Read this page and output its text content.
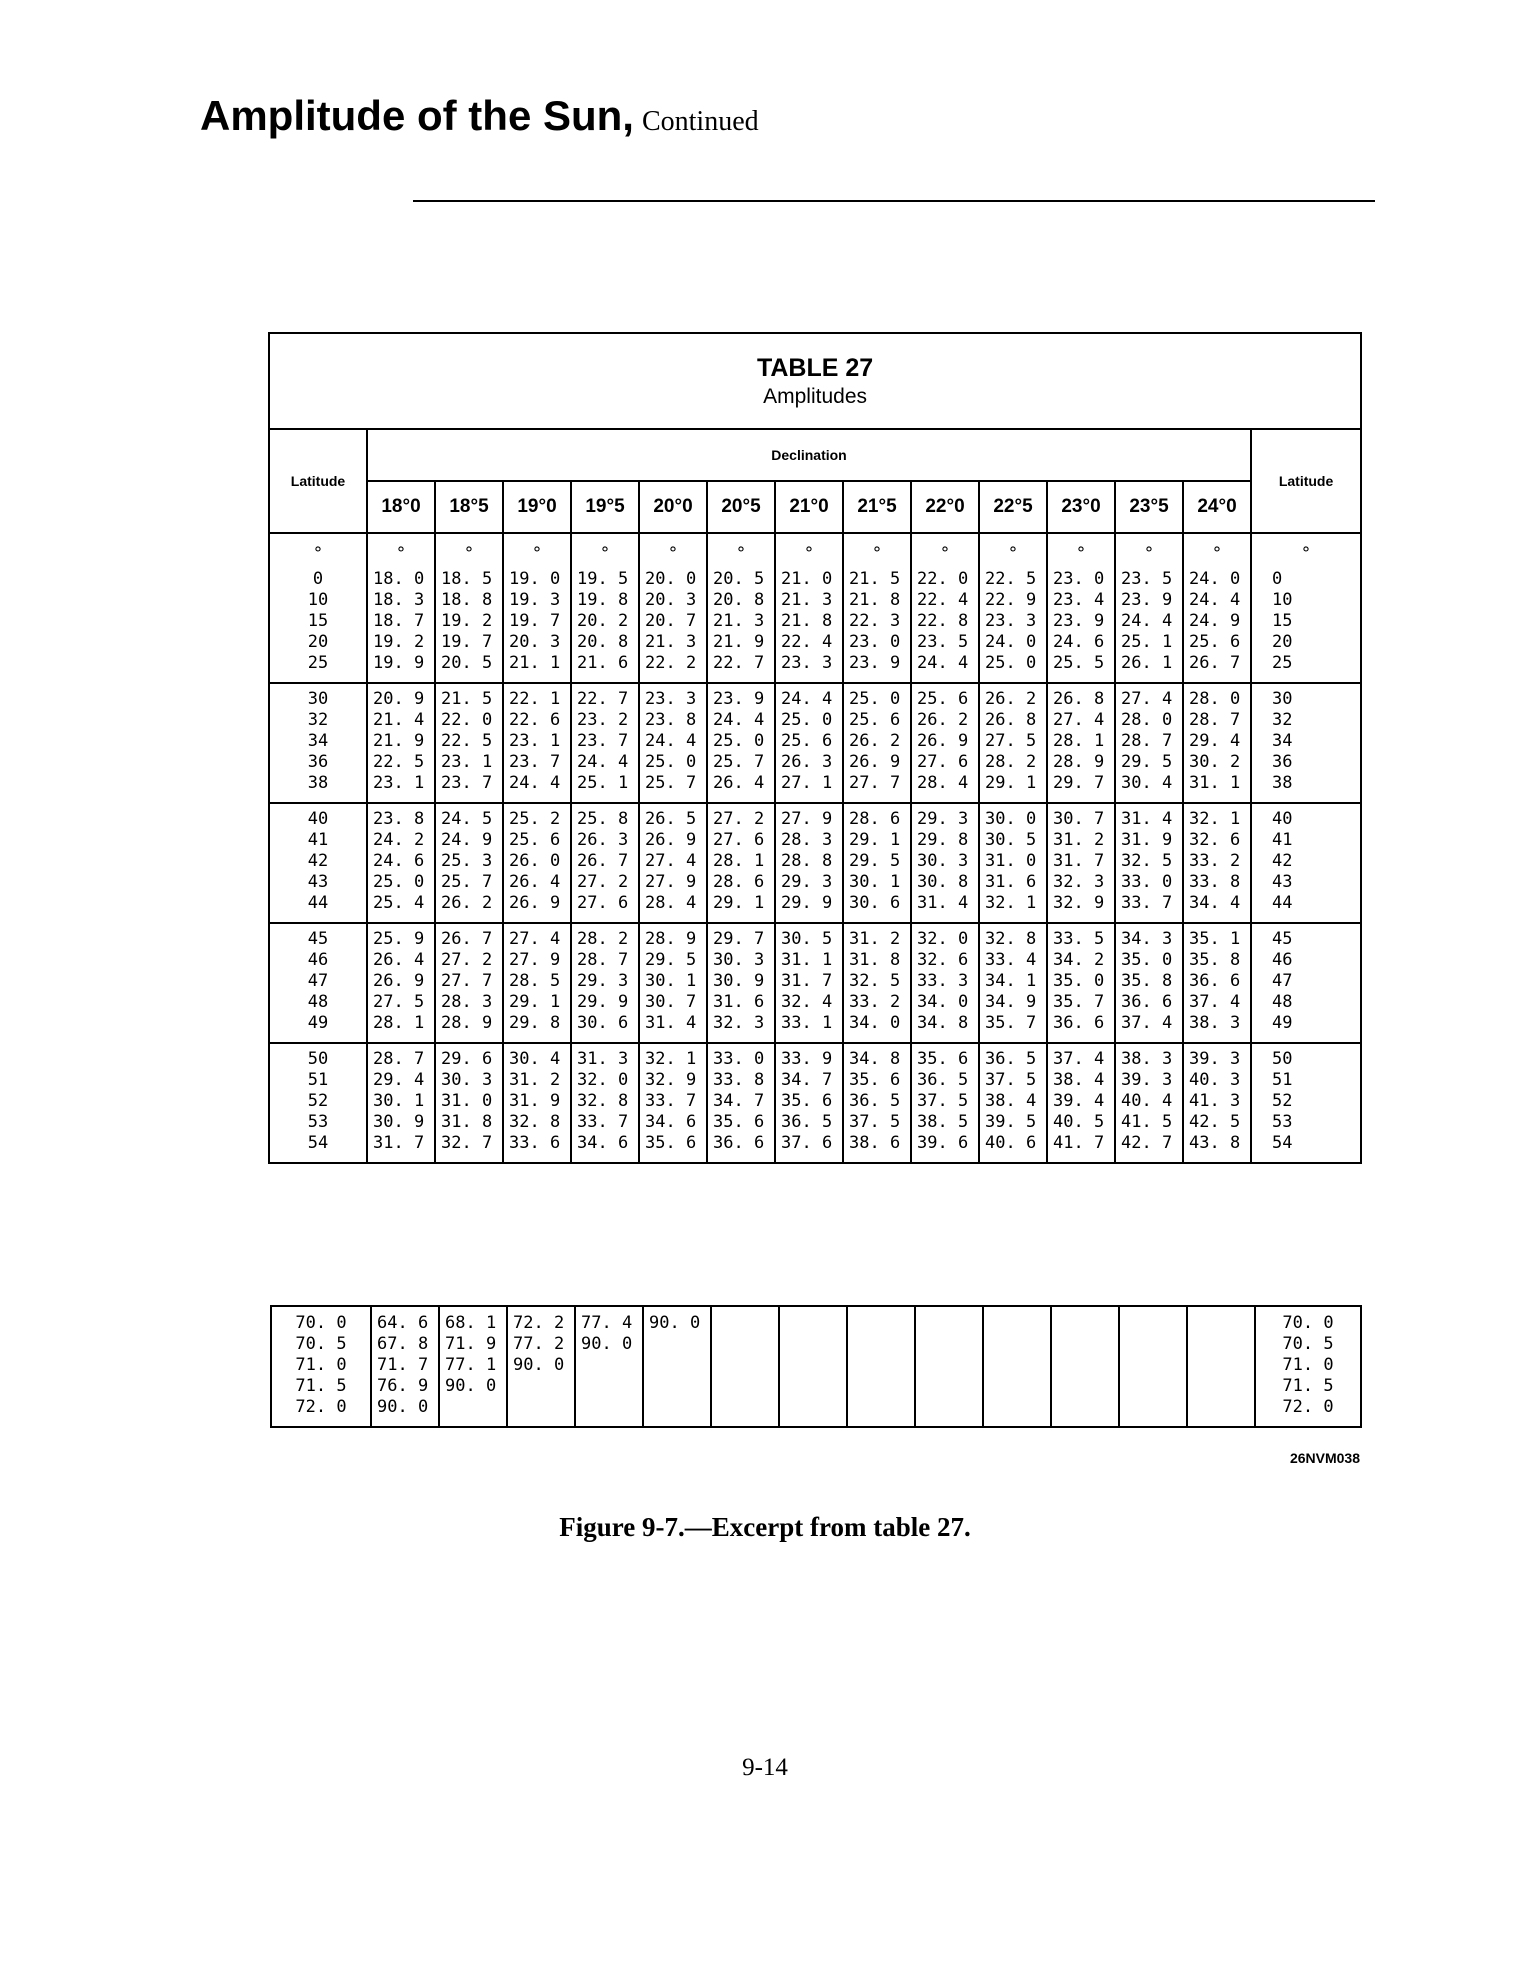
Amplitude of the Sun, Continued
TABLE 27
Amplitudes														

Latitude	Declination													Latitude
	18°0	18°5	19°0	19°5	20°0	20°5	21°0	21°5	22°0	22°5	23°0	23°5	24°0	
°	°	°	°	°	°	°	°	°	°	°	°	°	°	°
0	18. 0	18. 5	19. 0	19. 5	20. 0	20. 5	21. 0	21. 5	22. 0	22. 5	23. 0	23. 5	24. 0	0
10	18. 3	18. 8	19. 3	19. 8	20. 3	20. 8	21. 3	21. 8	22. 4	22. 9	23. 4	23. 9	24. 4	10
15	18. 7	19. 2	19. 7	20. 2	20. 7	21. 3	21. 8	22. 3	22. 8	23. 3	23. 9	24. 4	24. 9	15
20	19. 2	19. 7	20. 3	20. 8	21. 3	21. 9	22. 4	23. 0	23. 5	24. 0	24. 6	25. 1	25. 6	20
25	19. 9	20. 5	21. 1	21. 6	22. 2	22. 7	23. 3	23. 9	24. 4	25. 0	25. 5	26. 1	26. 7	25
30	20. 9	21. 5	22. 1	22. 7	23. 3	23. 9	24. 4	25. 0	25. 6	26. 2	26. 8	27. 4	28. 0	30
32	21. 4	22. 0	22. 6	23. 2	23. 8	24. 4	25. 0	25. 6	26. 2	26. 8	27. 4	28. 0	28. 7	32
34	21. 9	22. 5	23. 1	23. 7	24. 4	25. 0	25. 6	26. 2	26. 9	27. 5	28. 1	28. 7	29. 4	34
36	22. 5	23. 1	23. 7	24. 4	25. 0	25. 7	26. 3	26. 9	27. 6	28. 2	28. 9	29. 5	30. 2	36
38	23. 1	23. 7	24. 4	25. 1	25. 7	26. 4	27. 1	27. 7	28. 4	29. 1	29. 7	30. 4	31. 1	38
40	23. 8	24. 5	25. 2	25. 8	26. 5	27. 2	27. 9	28. 6	29. 3	30. 0	30. 7	31. 4	32. 1	40
41	24. 2	24. 9	25. 6	26. 3	26. 9	27. 6	28. 3	29. 1	29. 8	30. 5	31. 2	31. 9	32. 6	41
42	24. 6	25. 3	26. 0	26. 7	27. 4	28. 1	28. 8	29. 5	30. 3	31. 0	31. 7	32. 5	33. 2	42
43	25. 0	25. 7	26. 4	27. 2	27. 9	28. 6	29. 3	30. 1	30. 8	31. 6	32. 3	33. 0	33. 8	43
44	25. 4	26. 2	26. 9	27. 6	28. 4	29. 1	29. 9	30. 6	31. 4	32. 1	32. 9	33. 7	34. 4	44
45	25. 9	26. 7	27. 4	28. 2	28. 9	29. 7	30. 5	31. 2	32. 0	32. 8	33. 5	34. 3	35. 1	45
46	26. 4	27. 2	27. 9	28. 7	29. 5	30. 3	31. 1	31. 8	32. 6	33. 4	34. 2	35. 0	35. 8	46
47	26. 9	27. 7	28. 5	29. 3	30. 1	30. 9	31. 7	32. 5	33. 3	34. 1	35. 0	35. 8	36. 6	47
48	27. 5	28. 3	29. 1	29. 9	30. 7	31. 6	32. 4	33. 2	34. 0	34. 9	35. 7	36. 6	37. 4	48
49	28. 1	28. 9	29. 8	30. 6	31. 4	32. 3	33. 1	34. 0	34. 8	35. 7	36. 6	37. 4	38. 3	49
50	28. 7	29. 6	30. 4	31. 3	32. 1	33. 0	33. 9	34. 8	35. 6	36. 5	37. 4	38. 3	39. 3	50
51	29. 4	30. 3	31. 2	32. 0	32. 9	33. 8	34. 7	35. 6	36. 5	37. 5	38. 4	39. 3	40. 3	51
52	30. 1	31. 0	31. 9	32. 8	33. 7	34. 7	35. 6	36. 5	37. 5	38. 4	39. 4	40. 4	41. 3	52
53	30. 9	31. 8	32. 8	33. 7	34. 6	35. 6	36. 5	37. 5	38. 5	39. 5	40. 5	41. 5	42. 5	53
54	31. 7	32. 7	33. 6	34. 6	35. 6	36. 6	37. 6	38. 6	39. 6	40. 6	41. 7	42. 7	43. 8	54
70. 0	64. 6	68. 1	72. 2	77. 4	90. 0									70. 0
70. 5	67. 8	71. 9	77. 2	90. 0										70. 5
71. 0	71. 7	77. 1	90. 0											71. 0
71. 5	76. 9	90. 0												71. 5
72. 0	90. 0													72. 0
26NVM038
Figure 9-7.—Excerpt from table 27.
9-14
